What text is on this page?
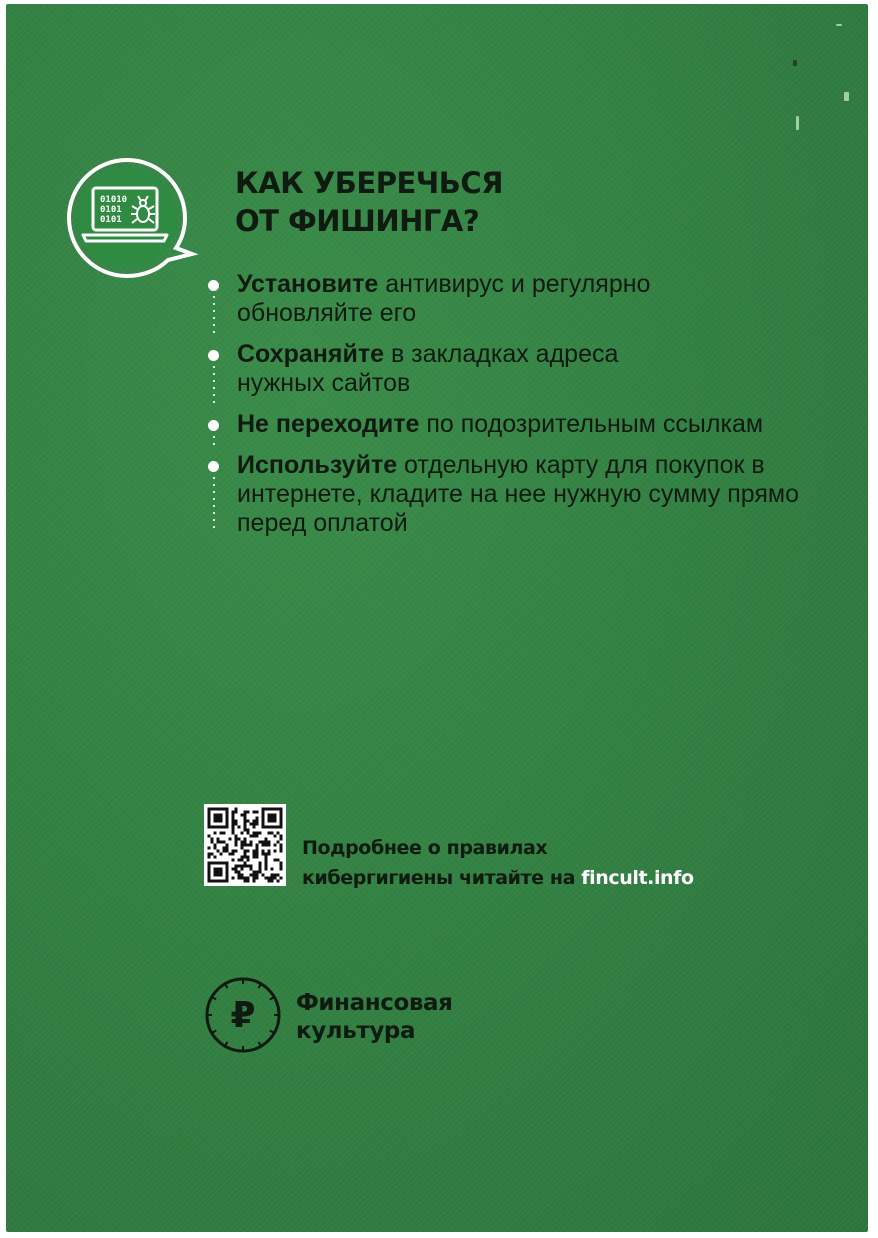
01010
0101
0101
КАК УБЕРЕЧЬСЯ
ОТ ФИШИНГА?
Установите антивирус и регулярно обновляйте его
Сохраняйте в закладках адреса нужных сайтов
Не переходите по подозрительным ссылкам
Используйте отдельную карту для покупок в интернете, кладите на нее нужную сумму прямо перед оплатой
Подробнее о правилах
кибергигиены читайте на fincult.info
₽ Финансовая
культура
